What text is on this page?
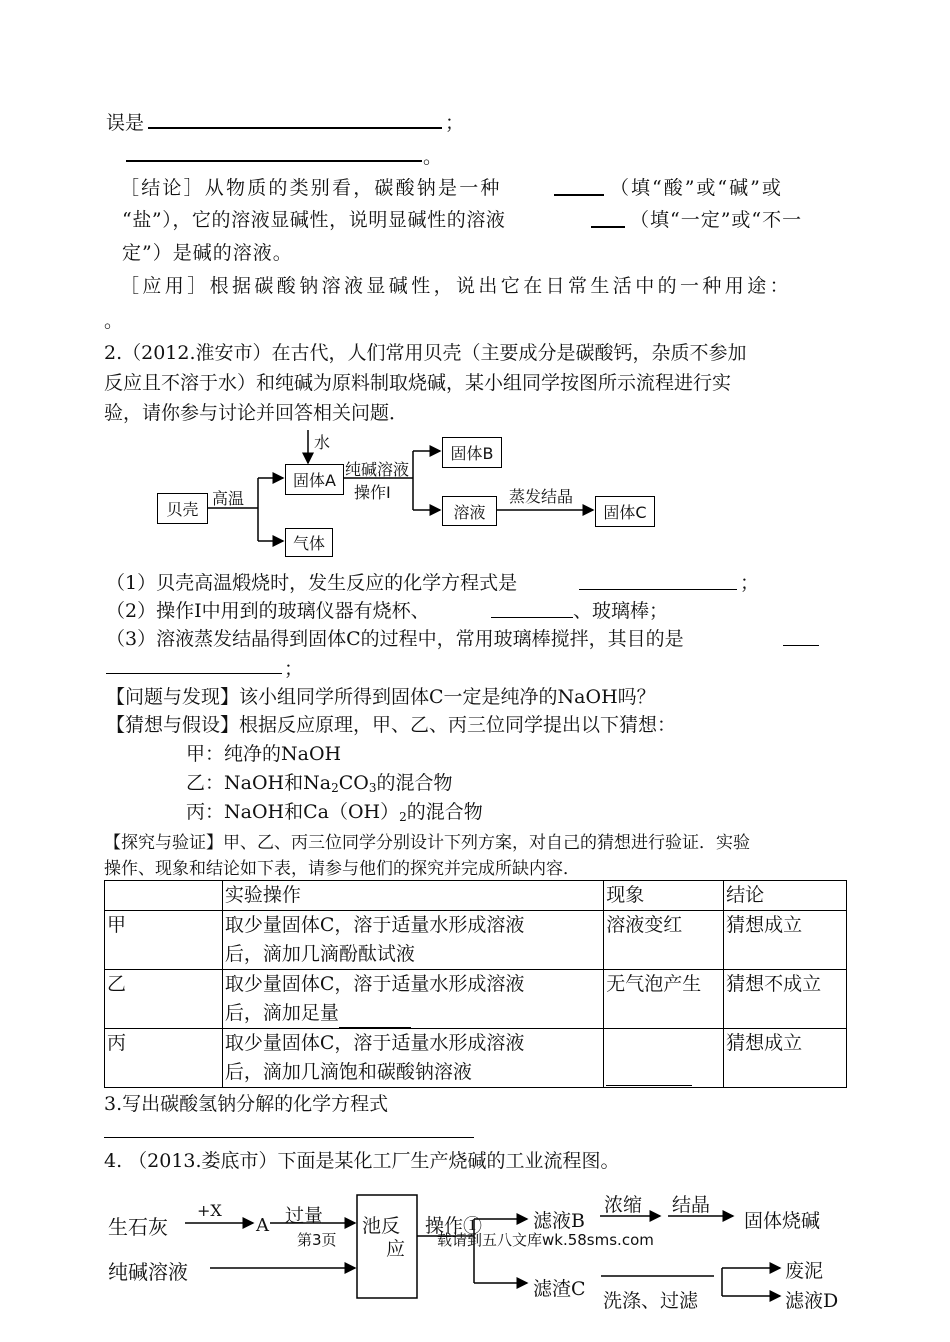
误是	；
。
［结论］从物质的类别看，碳酸钠是一种	（填“酸”或“碱”或
“盐”），它的溶液显碱性，说明显碱性的溶液	（填“一定”或“不一
定”）是碱的溶液。
［应用］根据碳酸钠溶液显碱性，说出它在日常生活中的一种用途：
。
2.（2012.淮安市）在古代，人们常用贝壳（主要成分是碳酸钙，杂质不参加
反应且不溶于水）和纯碱为原料制取烧碱，某小组同学按图所示流程进行实
验，请你参与讨论并回答相关问题．
贝壳
高温
水
固体A
气体
纯碱溶液
操作Ⅰ
固体B
溶液
蒸发结晶
固体C
（1）贝壳高温煅烧时，发生反应的化学方程式是	；
（2）操作Ⅰ中用到的玻璃仪器有烧杯、	、玻璃棒；
（3）溶液蒸发结晶得到固体C的过程中，常用玻璃棒搅拌，其目的是
；
【问题与发现】该小组同学所得到固体C一定是纯净的NaOH吗？
【猜想与假设】根据反应原理，甲、乙、丙三位同学提出以下猜想：
甲：纯净的NaOH
乙：NaOH和$Na_2CO_3$的混合物
丙：NaOH和$Ca(OH)_2$的混合物
【探究与验证】甲、乙、丙三位同学分别设计下列方案，对自己的猜想进行验证．实验
操作、现象和结论如下表，请参与他们的探究并完成所缺内容．
	实验操作	现象	结论
甲	取少量固体C，溶于适量水形成溶液
后，滴加几滴酚酞试液	溶液变红	猜想成立
乙	取少量固体C，溶于适量水形成溶液
后，滴加足量	无气泡产生	猜想不成立
丙	取少量固体C，溶于适量水形成溶液
后，滴加几滴饱和碳酸钠溶液		猜想成立
3.写出碳酸氢钠分解的化学方程式
4. （2013.娄底市）下面是某化工厂生产烧碱的工业流程图。
生石灰
+X
A 过量 池反
应
纯碱溶液
操作①	滤液B
浓缩 结晶
固体烧碱
滤渣C
洗涤、过滤
废泥
滤液D
第3页	载请到五八文库wk.58sms.com
